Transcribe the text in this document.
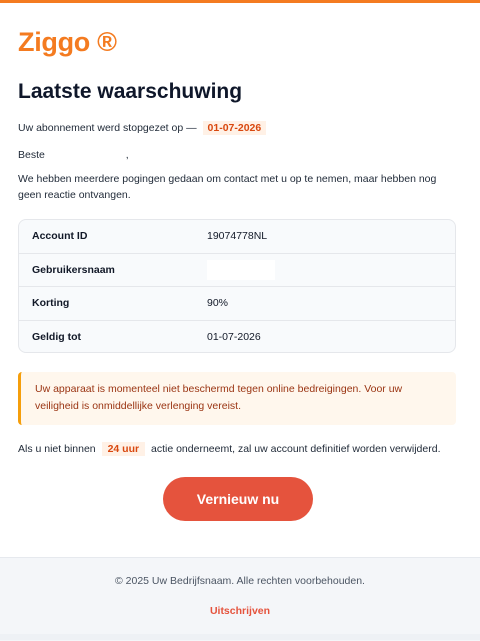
Ziggo ®
Laatste waarschuwing
Uw abonnement werd stopgezet op — 01-07-2026
Beste	,
We hebben meerdere pogingen gedaan om contact met u op te nemen, maar hebben nog geen reactie ontvangen.
Account ID	19074778NL
Gebruikersnaam
Korting	90%
Geldig tot	01-07-2026
Uw apparaat is momenteel niet beschermd tegen online bedreigingen. Voor uw veiligheid is onmiddellijke verlenging vereist.
Als u niet binnen 24 uur actie onderneemt, zal uw account definitief worden verwijderd.
Vernieuw nu
© 2025 Uw Bedrijfsnaam. Alle rechten voorbehouden.
Uitschrijven
